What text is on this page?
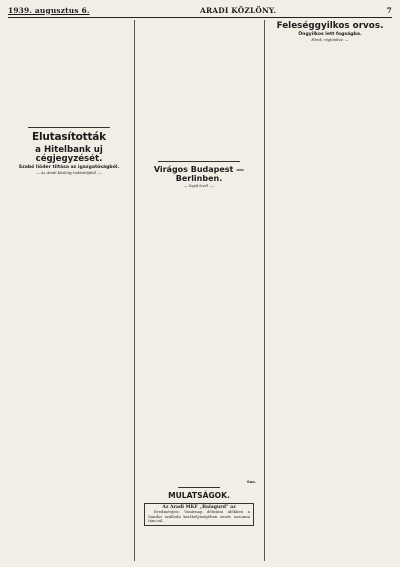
1939. augusztus 6.	ARADI KÖZLÖNY.	7
Elutasították
a Hitelbank uj cégjegyzését.
Szabó lióder tiltása az igazgatóságból.
— Az Aradi Közlöny tudósítójától. —	Virágos Budapest — Berlinben.
— Saját levél. —
Sas.
MULATSÁGOK.
Az Aradi MKF „Balagurd” az

Eredményes: Vasárnap délutáni időkben a Sandor szálloda kerthelyiségében zenés uzsonna tánccal.

Feleséggyilkos orvos.
Öngyilkos lett fogságba.
Hírek, rögtönítve. —
